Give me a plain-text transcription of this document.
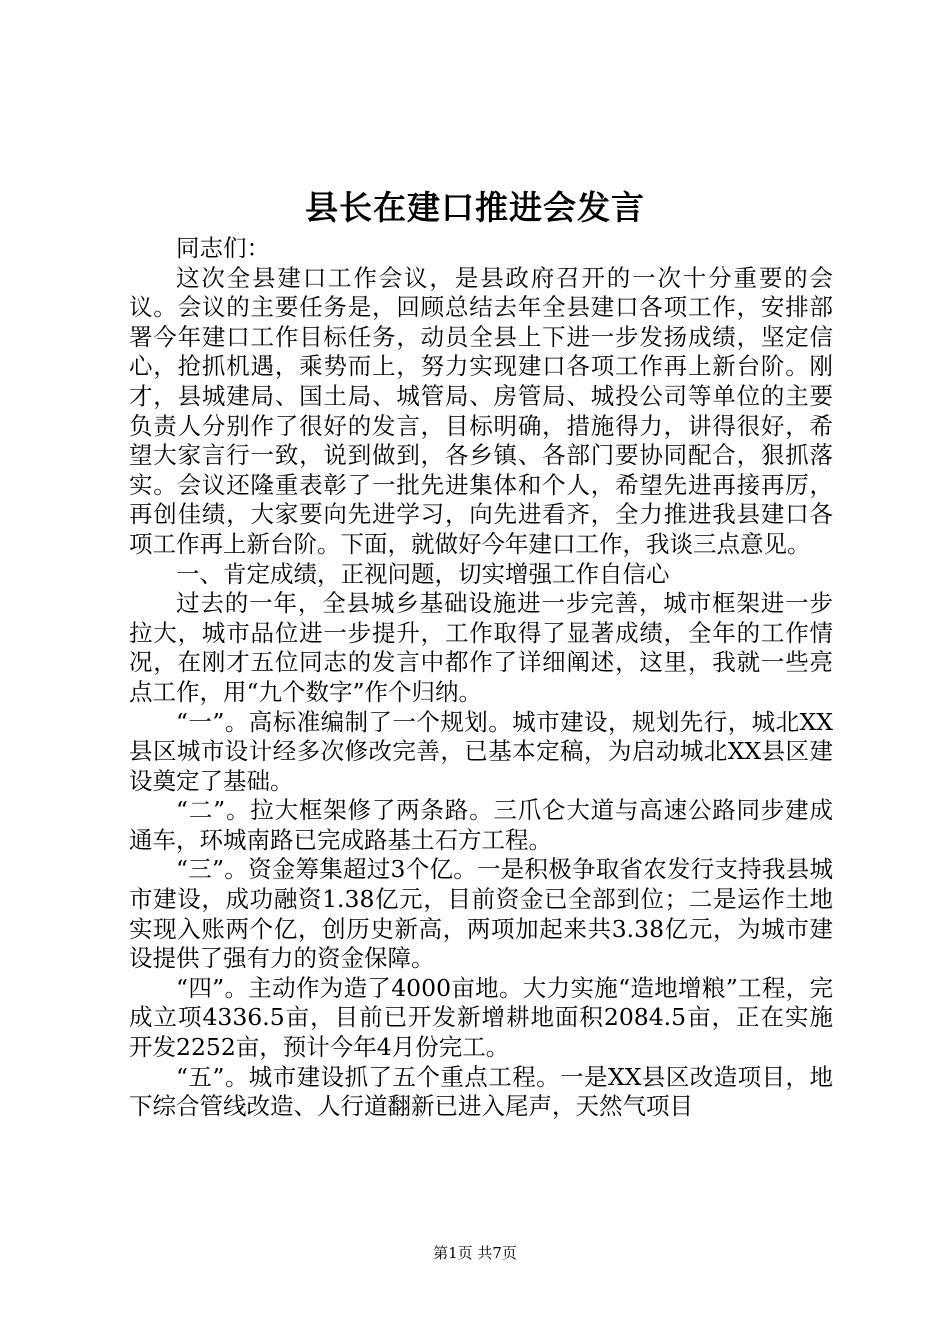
县长在建口推进会发言

同志们：

这次全县建口工作会议，是县政府召开的一次十分重要的会议。会议的主要任务是，回顾总结去年全县建口各项工作，安排部署今年建口工作目标任务，动员全县上下进一步发扬成绩，坚定信心，抢抓机遇，乘势而上，努力实现建口各项工作再上新台阶。刚才，县城建局、国土局、城管局、房管局、城投公司等单位的主要负责人分别作了很好的发言，目标明确，措施得力，讲得很好，希望大家言行一致，说到做到，各乡镇、各部门要协同配合，狠抓落实。会议还隆重表彰了一批先进集体和个人，希望先进再接再厉，再创佳绩，大家要向先进学习，向先进看齐，全力推进我县建口各项工作再上新台阶。下面，就做好今年建口工作，我谈三点意见。

一、肯定成绩，正视问题，切实增强工作自信心

过去的一年，全县城乡基础设施进一步完善，城市框架进一步拉大，城市品位进一步提升，工作取得了显著成绩，全年的工作情况，在刚才五位同志的发言中都作了详细阐述，这里，我就一些亮点工作，用“九个数字”作个归纳。

“一”。高标准编制了一个规划。城市建设，规划先行，城北XX县区城市设计经多次修改完善，已基本定稿，为启动城北XX县区建设奠定了基础。

“二”。拉大框架修了两条路。三爪仑大道与高速公路同步建成通车，环城南路已完成路基土石方工程。

“三”。资金筹集超过3个亿。一是积极争取省农发行支持我县城市建设，成功融资1.38亿元，目前资金已全部到位；二是运作土地实现入账两个亿，创历史新高，两项加起来共3.38亿元，为城市建设提供了强有力的资金保障。

“四”。主动作为造了4000亩地。大力实施“造地增粮”工程，完成立项4336.5亩，目前已开发新增耕地面积2084.5亩，正在实施开发2252亩，预计今年4月份完工。

“五”。城市建设抓了五个重点工程。一是XX县区改造项目，地下综合管线改造、人行道翻新已进入尾声，天然气项目

第1页 共7页
